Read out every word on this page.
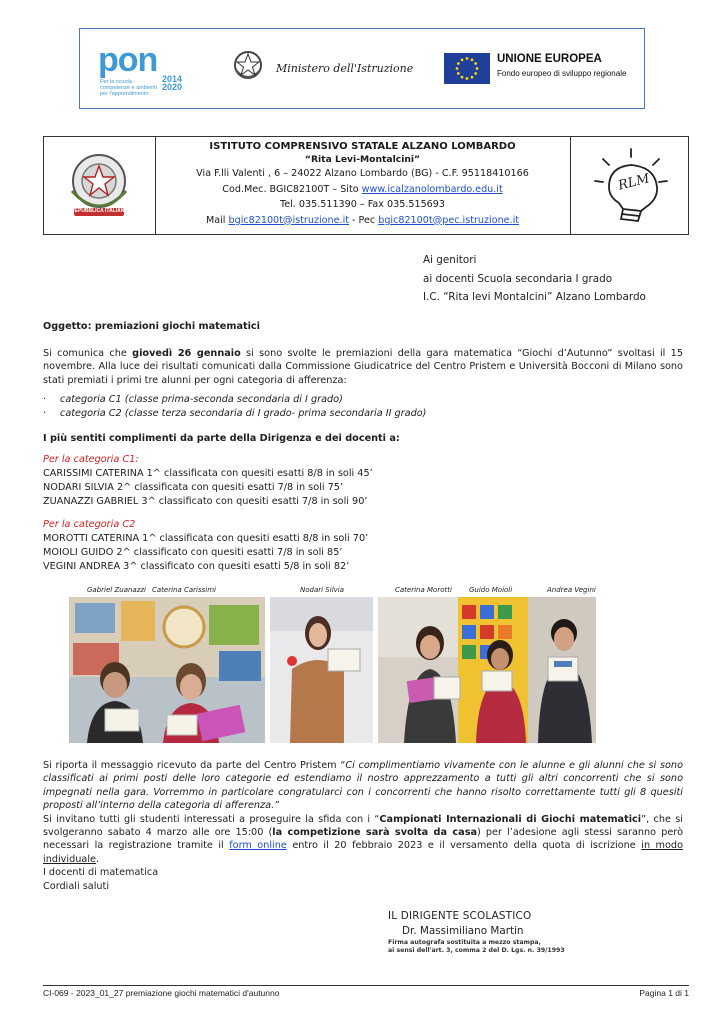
pon
Per la scuola - competenze e ambienti per l'apprendimento
2014 2020
Ministero dell'Istruzione
UNIONE EUROPEA
Fondo europeo di sviluppo regionale
REPUBBLICA ITALIANA
ISTITUTO COMPRENSIVO STATALE ALZANO LOMBARDO
“Rita Levi-Montalcini”
Via F.lli Valenti , 6 – 24022 Alzano Lombardo (BG) - C.F. 95118410166
Cod.Mec. BGIC82100T – Sito www.icalzanolombardo.edu.it
Tel. 035.511390 – Fax 035.515693
Mail bgic82100t@istruzione.it - Pec bgic82100t@pec.istruzione.it
RLM
Ai genitori
ai docenti Scuola secondaria I grado
I.C. “Rita levi Montalcini” Alzano Lombardo
Oggetto: premiazioni giochi matematici
Si comunica che giovedì 26 gennaio si sono svolte le premiazioni della gara matematica “Giochi d’Autunno” svoltasi il 15 novembre. Alla luce dei risultati comunicati dalla Commissione Giudicatrice del Centro Pristem e Università Bocconi di Milano sono stati premiati i primi tre alunni per ogni categoria di afferenza:
· categoria C1 (classe prima-seconda secondaria di I grado)
· categoria C2 (classe terza secondaria di I grado- prima secondaria II grado)
I più sentiti complimenti da parte della Dirigenza e dei docenti a:
Per la categoria C1:
CARISSIMI CATERINA 1^ classificata con quesiti esatti 8/8 in soli 45’
NODARI SILVIA 2^ classificata con quesiti esatti 7/8 in soli 75’
ZUANAZZI GABRIEL 3^ classificato con quesiti esatti 7/8 in soli 90’
Per la categoria C2
MOROTTI CATERINA 1^ classificata con quesiti esatti 8/8 in soli 70’
MOIOLI GUIDO 2^ classificato con quesiti esatti 7/8 in soli 85’
VEGINI ANDREA 3^ classificato con quesiti esatti 5/8 in soli 82’
Gabriel Zuanazzi Caterina Carissimi	Nodari Silvia	Caterina Morotti Guido Moioli	Andrea Vegini

Si riporta il messaggio ricevuto da parte del Centro Pristem “Ci complimentiamo vivamente con le alunne e gli alunni che si sono classificati ai primi posti delle loro categorie ed estendiamo il nostro apprezzamento a tutti gli altri concorrenti che si sono impegnati nella gara. Vorremmo in particolare congratularci con i concorrenti che hanno risolto correttamente tutti gli 8 quesiti proposti all’interno della categoria di afferenza.”

Si invitano tutti gli studenti interessati a proseguire la sfida con i “Campionati Internazionali di Giochi matematici”, che si svolgeranno sabato 4 marzo alle ore 15:00 (la competizione sarà svolta da casa) per l’adesione agli stessi saranno però necessari la registrazione tramite il form online entro il 20 febbraio 2023 e il versamento della quota di iscrizione in modo individuale.

I docenti di matematica

Cordiali saluti

IL DIRIGENTE SCOLASTICO
Dr. Massimiliano Martin
Firma autografa sostituita a mezzo stampa,
ai sensi dell'art. 3, comma 2 del D. Lgs. n. 39/1993
CI-069 - 2023_01_27 premiazione giochi matematici d'autunno	Pagina 1 di 1
